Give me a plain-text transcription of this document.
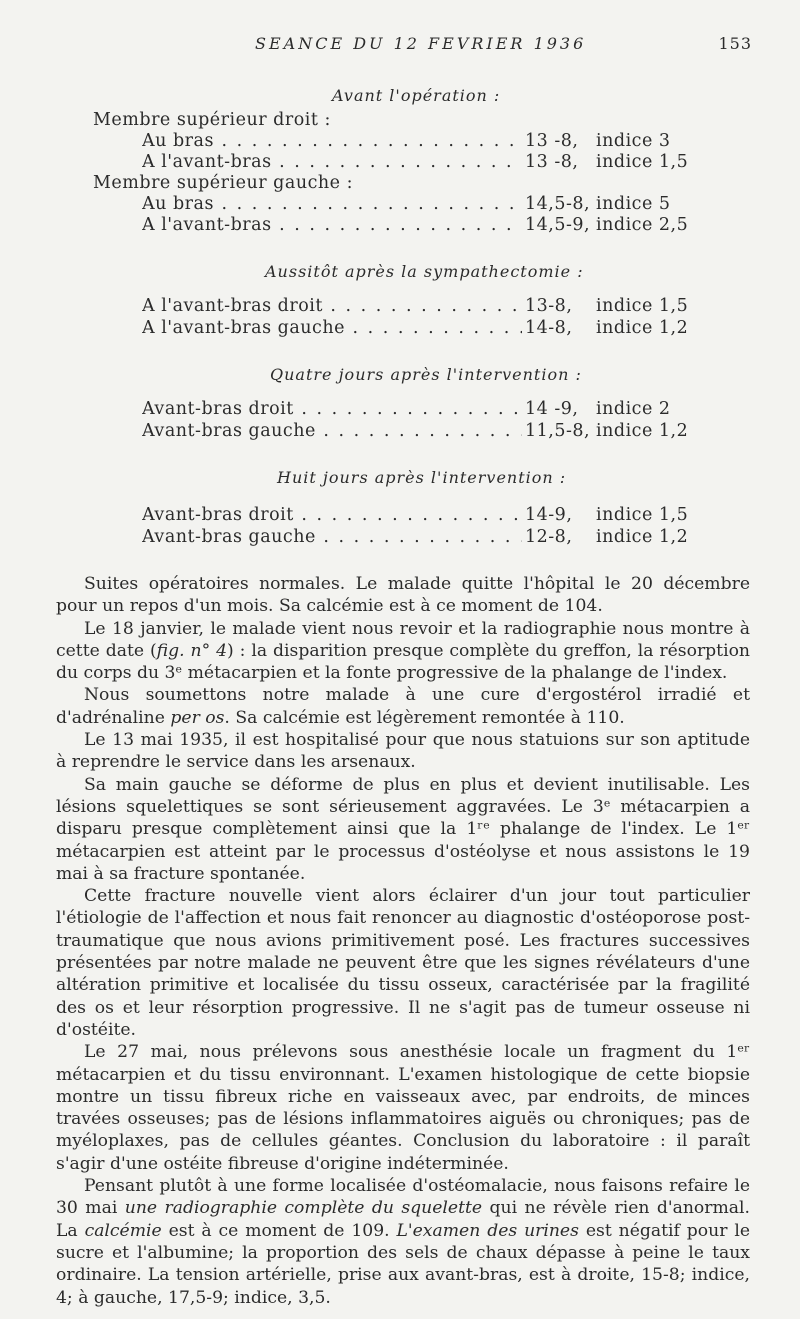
SEANCE DU 12 FEVRIER 1936	153
Avant l'opération :
Membre supérieur droit :
Au bras . . .	13 -8, indice 3
A l'avant-bras . . .	13 -8, indice 1,5
Membre supérieur gauche :
Au bras . . .	14,5-8, indice 5
A l'avant-bras . . .	14,5-9, indice 2,5
Aussitôt après la sympathectomie :
A l'avant-bras droit . . .	13-8, indice 1,5
A l'avant-bras gauche . . .	14-8, indice 1,2
Quatre jours après l'intervention :
Avant-bras droit . . .	14 -9, indice 2
Avant-bras gauche . . .	11,5-8, indice 1,2
Huit jours après l'intervention :
Avant-bras droit . . .	14-9, indice 1,5
Avant-bras gauche . . .	12-8, indice 1,2

Suites opératoires normales. Le malade quitte l'hôpital le 20 décembre pour un repos d'un mois. Sa calcémie est à ce moment de 104.

Le 18 janvier, le malade vient nous revoir et la radiographie nous montre à cette date (fig. n° 4) : la disparition presque complète du greffon, la résorption du corps du 3ᵉ métacarpien et la fonte progressive de la phalange de l'index.

Nous soumettons notre malade à une cure d'ergostérol irradié et d'adrénaline per os. Sa calcémie est légèrement remontée à 110.

Le 13 mai 1935, il est hospitalisé pour que nous statuions sur son aptitude à reprendre le service dans les arsenaux.

Sa main gauche se déforme de plus en plus et devient inutilisable. Les lésions squelettiques se sont sérieusement aggravées. Le 3ᵉ métacarpien a disparu presque complètement ainsi que la 1ʳᵉ phalange de l'index. Le 1ᵉʳ métacarpien est atteint par le processus d'ostéolyse et nous assistons le 19 mai à sa fracture spontanée.

Cette fracture nouvelle vient alors éclairer d'un jour tout particulier l'étiologie de l'affection et nous fait renoncer au diagnostic d'ostéoporose post-traumatique que nous avions primitivement posé. Les fractures successives présentées par notre malade ne peuvent être que les signes révélateurs d'une altération primitive et localisée du tissu osseux, caractérisée par la fragilité des os et leur résorption progressive. Il ne s'agit pas de tumeur osseuse ni d'ostéite.

Le 27 mai, nous prélevons sous anesthésie locale un fragment du 1ᵉʳ métacarpien et du tissu environnant. L'examen histologique de cette biopsie montre un tissu fibreux riche en vaisseaux avec, par endroits, de minces travées osseuses; pas de lésions inflammatoires aiguës ou chroniques; pas de myéloplaxes, pas de cellules géantes. Conclusion du laboratoire : il paraît s'agir d'une ostéite fibreuse d'origine indéterminée.

Pensant plutôt à une forme localisée d'ostéomalacie, nous faisons refaire le 30 mai une radiographie complète du squelette qui ne révèle rien d'anormal. La calcémie est à ce moment de 109. L'examen des urines est négatif pour le sucre et l'albumine; la proportion des sels de chaux dépasse à peine le taux ordinaire. La tension artérielle, prise aux avant-bras, est à droite, 15-8; indice, 4; à gauche, 17,5-9; indice, 3,5.
